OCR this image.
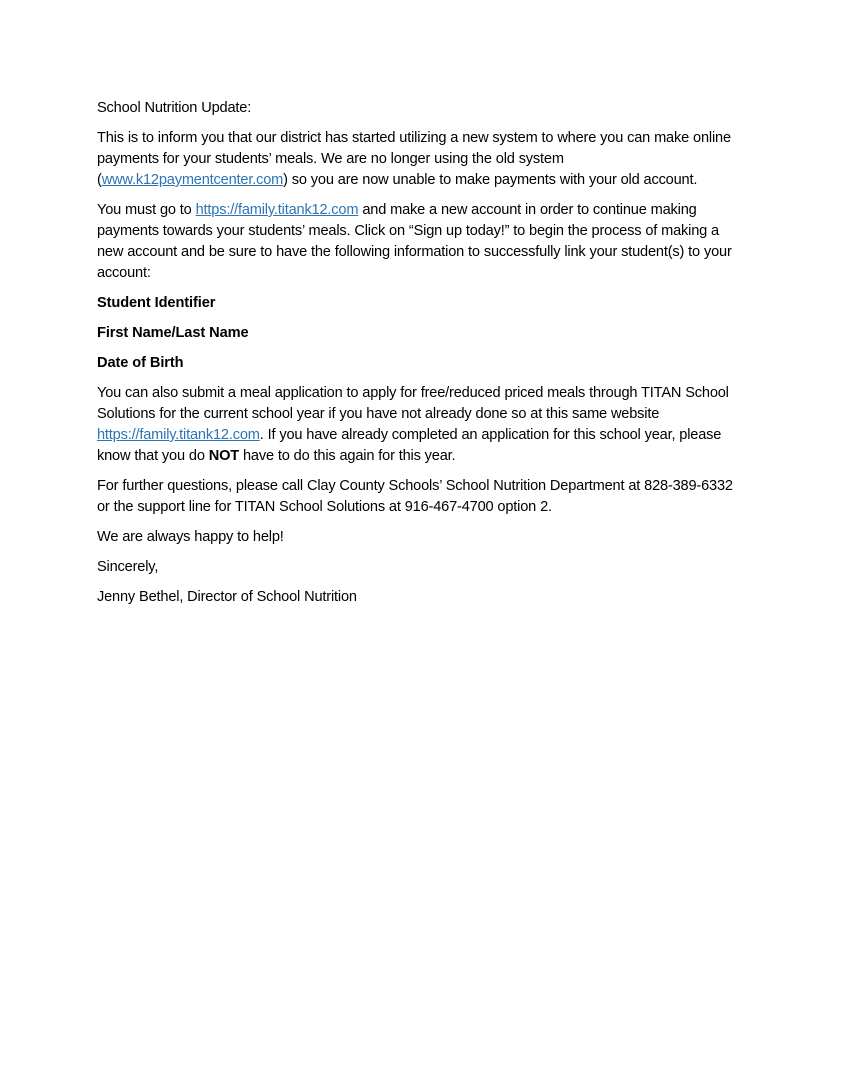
School Nutrition Update:

This is to inform you that our district has started utilizing a new system to where you can make online payments for your students’ meals. We are no longer using the old system (www.k12paymentcenter.com) so you are now unable to make payments with your old account.

You must go to https://family.titank12.com and make a new account in order to continue making payments towards your students’ meals. Click on “Sign up today!” to begin the process of making a new account and be sure to have the following information to successfully link your student(s) to your account:

Student Identifier

First Name/Last Name

Date of Birth

You can also submit a meal application to apply for free/reduced priced meals through TITAN School Solutions for the current school year if you have not already done so at this same website https://family.titank12.com. If you have already completed an application for this school year, please know that you do NOT have to do this again for this year.

For further questions, please call Clay County Schools’ School Nutrition Department at 828-389-6332 or the support line for TITAN School Solutions at 916-467-4700 option 2.

We are always happy to help!

Sincerely,

Jenny Bethel, Director of School Nutrition
